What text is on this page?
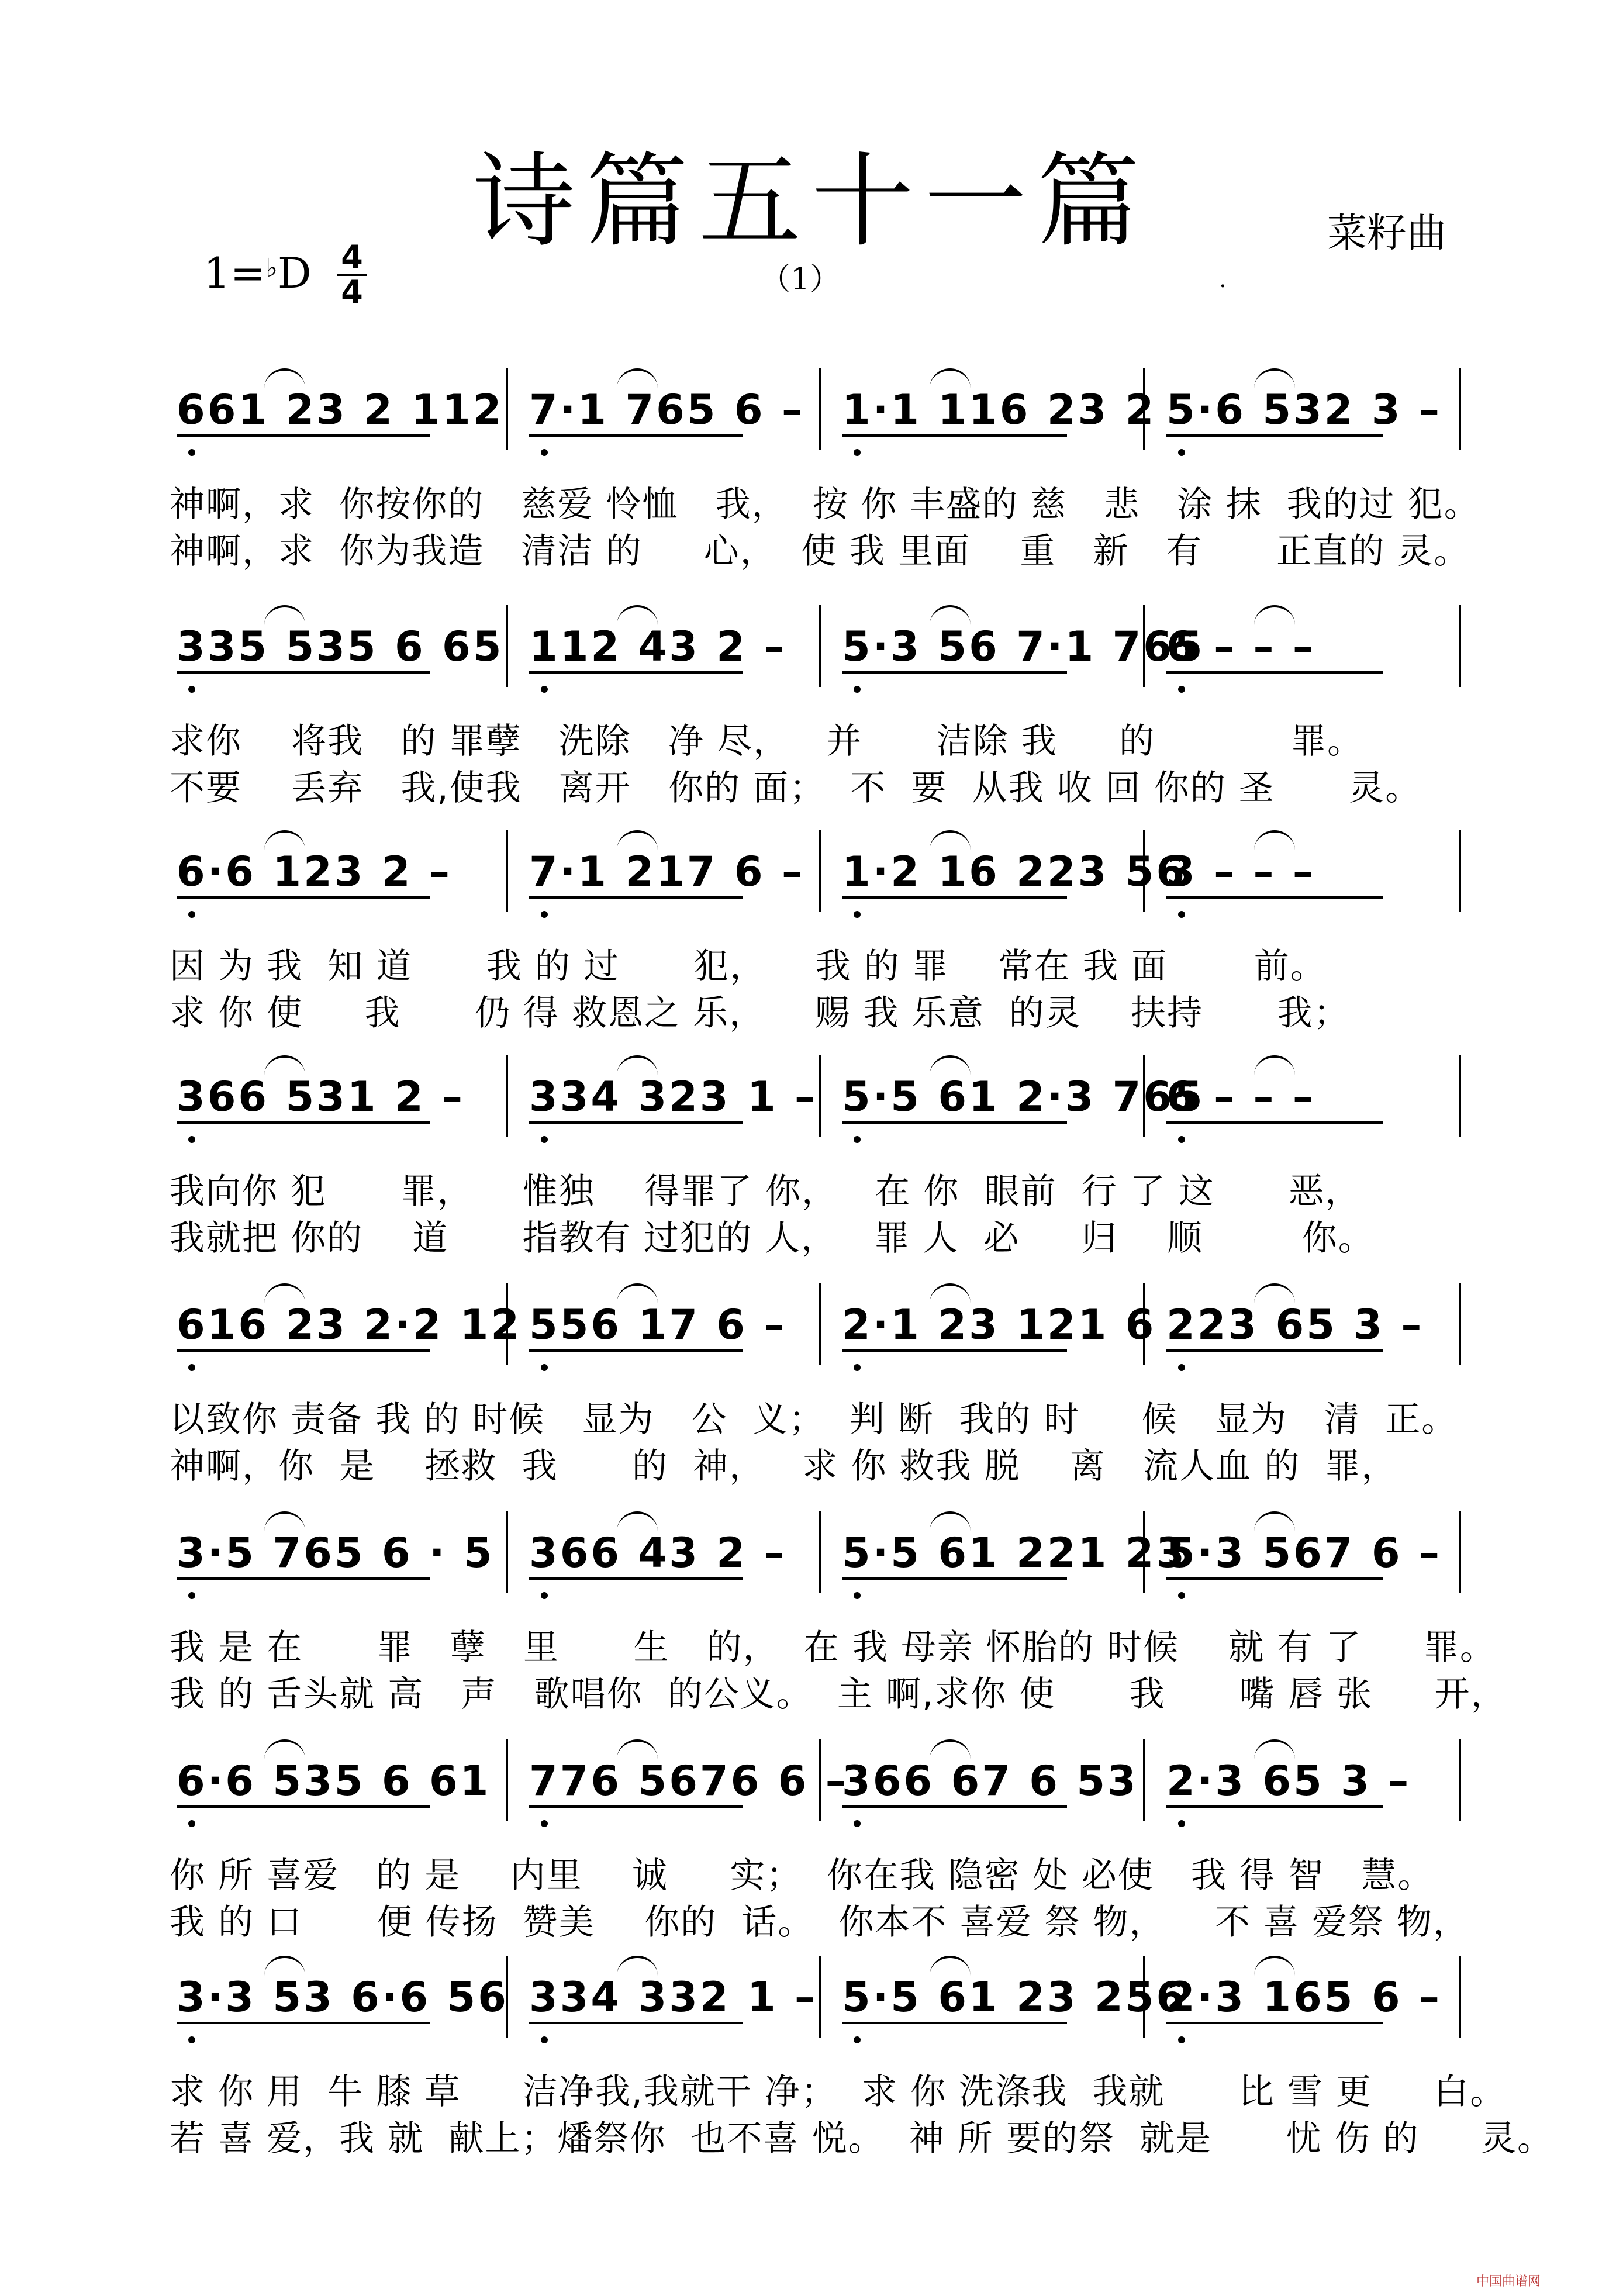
诗篇五十一篇	菜籽曲
1=♭D 4
4	（1）	.
661 23 2 112 7·1 765 6 – 1·1 116 23 2 5·6 532 3 –
神啊，求  你按你的   慈爱 怜恤   我，  按 你 丰盛的 慈   悲   涂 抹  我的过 犯。
神啊，求  你为我造   清洁 的     心，  使 我 里面    重   新   有      正直的 灵。
335 535 6 65 112 43 2 – 5·3 56 7·1 765
6 – – –
求你    将我   的 罪孽   洗除   净 尽，   并      洁除 我     的           罪。
不要    丢弃   我,使我   离开   你的 面；  不  要  从我 收 回 你的 圣      灵。
6·6 123 2 – 7·1 217 6 – 1·2 16 223 56
3 – – –
因 为 我  知 道      我 的 过      犯，    我 的 罪    常在 我 面       前。
求 你 使     我      仍 得 救恩之 乐，    赐 我 乐意  的灵    扶持      我；
366 531 2 – 334 323 1 – 5·5 61 2·3 765
6 – – –
我向你 犯      罪，    惟独    得罪了 你，   在 你  眼前  行 了 这      恶，
我就把 你的    道      指教有 过犯的 人，   罪 人  必     归    顺        你。
616 23 2·2 12 556 17 6 – 2·1 23 121 6 223 65 3 –
以致你 责备 我 的 时候   显为   公  义；  判 断  我的 时     候   显为   清  正。
神啊，你  是    拯救  我      的  神，   求 你 救我 脱    离   流人血 的  罪，
3·5 765 6 · 5 366 43 2 – 5·5 61 221 23
5·3 567 6 –
我 是 在      罪   孽   里      生   的，  在 我 母亲 怀胎的 时候    就 有 了     罪。
我 的 舌头就 高   声   歌唱你  的公义。  主 啊,求你 使      我      嘴 唇 张     开，
6·6 535 6 61 776 5676 6 –
366 67 6 53 2·3 65 3 –
你 所 喜爱   的 是    内里    诚     实；  你在我 隐密 处 必使   我 得 智   慧。
我 的 口      便 传扬  赞美    你的  话。  你本不 喜爱 祭 物，    不 喜 爱祭 物，
3·3 53 6·6 56 334 332 1 – 5·5 61 23 256
2·3 165 6 –
求 你 用  牛 膝 草     洁净我,我就干 净；  求 你 洗涤我  我就      比 雪 更     白。
若 喜 爱，我 就  献上；燔祭你  也不喜 悦。  神 所 要的祭  就是      忧 伤 的     灵。
中国曲谱网
